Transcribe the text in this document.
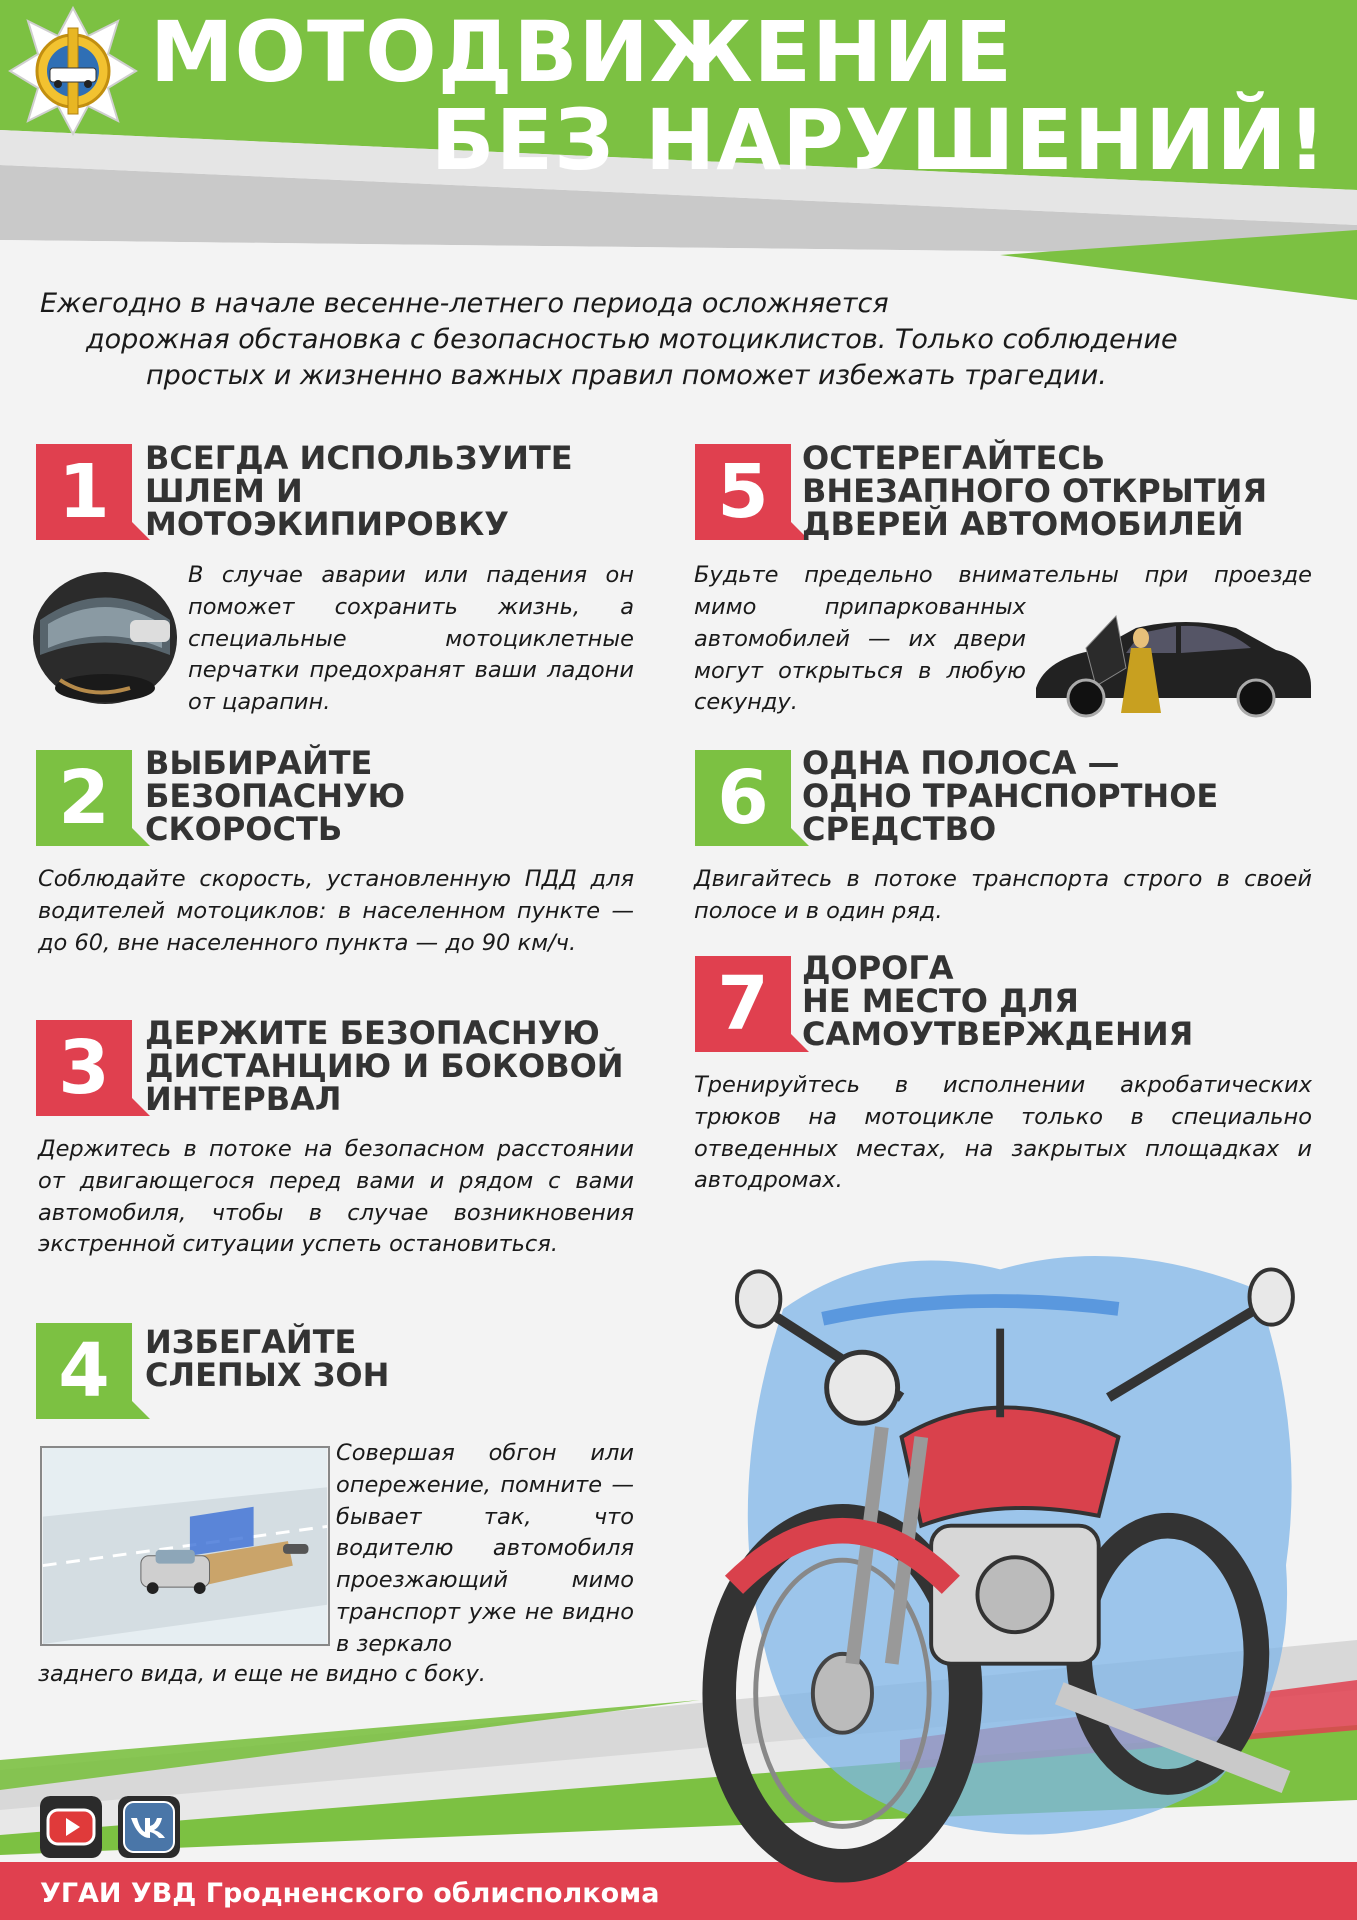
МОТОДВИЖЕНИЕ
БЕЗ НАРУШЕНИЙ!
Ежегодно в начале весенне-летнего периода осложняется
дорожная обстановка с безопасностью мотоциклистов. Только соблюдение
простых и жизненно важных правил поможет избежать трагедии.
1	ВСЕГДА ИСПОЛЬЗУИТЕ
ШЛЕМ И
МОТОЭКИПИРОВКУ
В случае аварии или падения он поможет сохранить жизнь, а специальные мотоциклетные перчатки предохранят ваши ладони от царапин.
2	ВЫБИРАЙТЕ
БЕЗОПАСНУЮ
СКОРОСТЬ
Соблюдайте скорость, установленную ПДД для водителей мотоциклов: в населенном пункте — до 60, вне населенного пункта — до 90 км/ч.
3	ДЕРЖИТЕ БЕЗОПАСНУЮ
ДИСТАНЦИЮ И БОКОВОЙ
ИНТЕРВАЛ
Держитесь в потоке на безопасном расстоянии от двигающегося перед вами и рядом с вами автомобиля, чтобы в случае возникновения экстренной ситуации успеть остановиться.
4	ИЗБЕГАЙТЕ
СЛЕПЫХ ЗОН
Совершая обгон или опережение, помните — бывает так, что водителю автомобиля проезжающий мимо транспорт уже не видно в зеркало
заднего вида, и еще не видно с боку.
5	ОСТЕРЕГАЙТЕСЬ
ВНЕЗАПНОГО ОТКРЫТИЯ
ДВЕРЕЙ АВТОМОБИЛЕЙ
Будьте предельно внимательны при проезде
мимо припаркованных автомобилей — их двери могут открыться в любую секунду.
6	ОДНА ПОЛОСА —
ОДНО ТРАНСПОРТНОЕ
СРЕДСТВО
Двигайтесь в потоке транспорта строго в своей полосе и в один ряд.
7	ДОРОГА
НЕ МЕСТО ДЛЯ
САМОУТВЕРЖДЕНИЯ
Тренируйтесь в исполнении акробатических трюков на мотоцикле только в специально отведенных местах, на закрытых площадках и автодромах.
УГАИ УВД Гродненского облисполкома
